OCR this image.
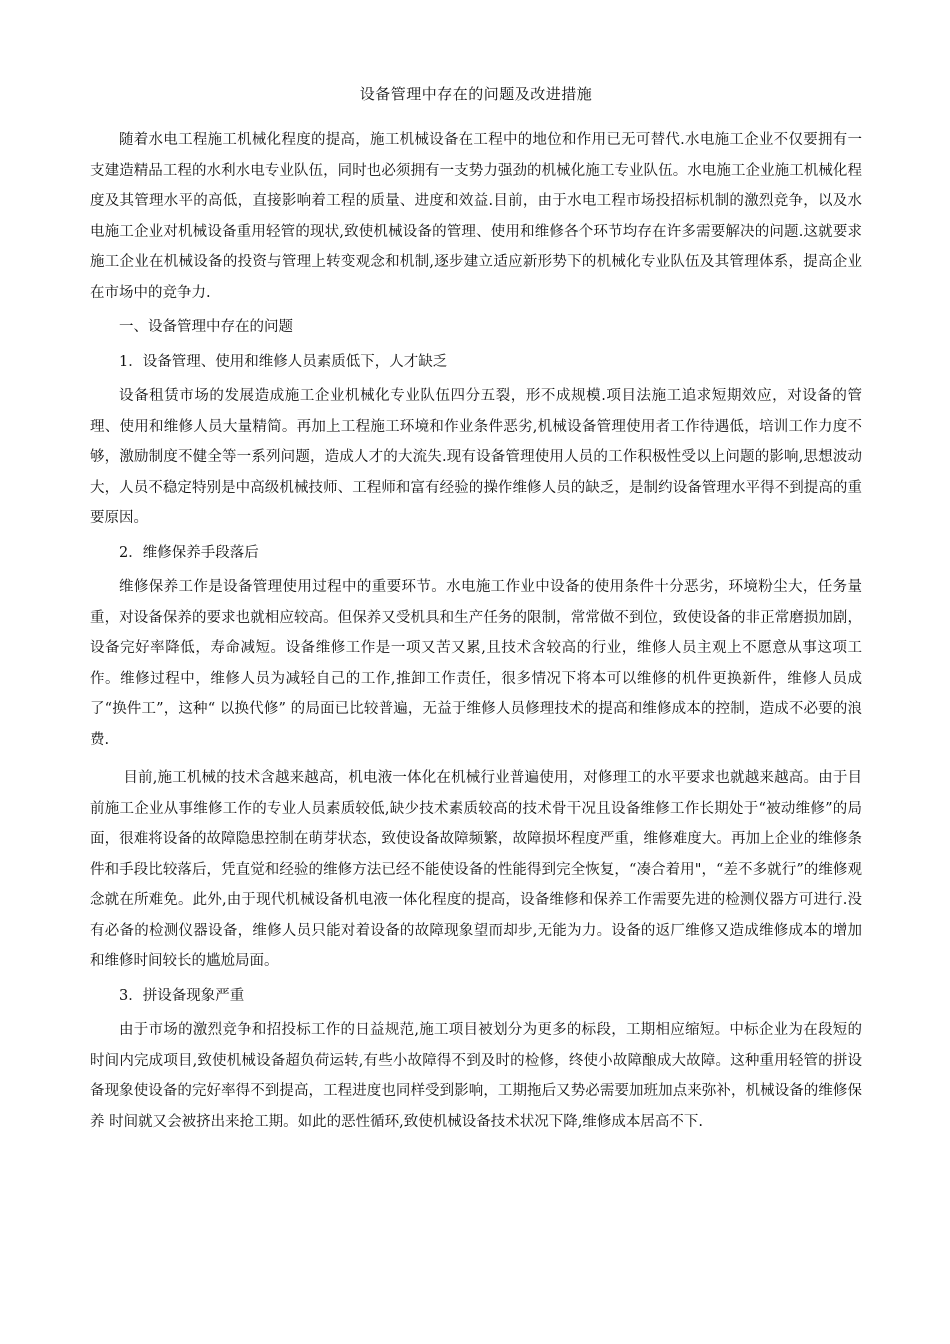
设备管理中存在的问题及改进措施

随着水电工程施工机械化程度的提高，施工机械设备在工程中的地位和作用已无可替代.水电施工企业不仅要拥有一支建造精品工程的水利水电专业队伍，同时也必须拥有一支势力强劲的机械化施工专业队伍。水电施工企业施工机械化程度及其管理水平的高低，直接影响着工程的质量、进度和效益.目前，由于水电工程市场投招标机制的激烈竞争，以及水电施工企业对机械设备重用轻管的现状,致使机械设备的管理、使用和维修各个环节均存在许多需要解决的问题.这就要求施工企业在机械设备的投资与管理上转变观念和机制,逐步建立适应新形势下的机械化专业队伍及其管理体系，提高企业在市场中的竞争力.

一、设备管理中存在的问题

1．设备管理、使用和维修人员素质低下，人才缺乏

设备租赁市场的发展造成施工企业机械化专业队伍四分五裂，形不成规模.项目法施工追求短期效应，对设备的管理、使用和维修人员大量精简。再加上工程施工环境和作业条件恶劣,机械设备管理使用者工作待遇低，培训工作力度不够，激励制度不健全等一系列问题，造成人才的大流失.现有设备管理使用人员的工作积极性受以上问题的影响,思想波动大，人员不稳定特别是中高级机械技师、工程师和富有经验的操作维修人员的缺乏，是制约设备管理水平得不到提高的重要原因。

2．维修保养手段落后

维修保养工作是设备管理使用过程中的重要环节。水电施工作业中设备的使用条件十分恶劣，环境粉尘大，任务量重，对设备保养的要求也就相应较高。但保养又受机具和生产任务的限制，常常做不到位，致使设备的非正常磨损加剧，设备完好率降低，寿命减短。设备维修工作是一项又苦又累,且技术含较高的行业，维修人员主观上不愿意从事这项工作。维修过程中，维修人员为减轻自己的工作,推卸工作责任，很多情况下将本可以维修的机件更换新件，维修人员成了“换件工”，这种“ 以换代修” 的局面已比较普遍，无益于维修人员修理技术的提高和维修成本的控制，造成不必要的浪费.

目前,施工机械的技术含越来越高，机电液一体化在机械行业普遍使用，对修理工的水平要求也就越来越高。由于目前施工企业从事维修工作的专业人员素质较低,缺少技术素质较高的技术骨干况且设备维修工作长期处于“被动维修”的局面，很难将设备的故障隐患控制在萌芽状态，致使设备故障频繁，故障损坏程度严重，维修难度大。再加上企业的维修条件和手段比较落后，凭直觉和经验的维修方法已经不能使设备的性能得到完全恢复，“凑合着用"，“差不多就行”的维修观念就在所难免。此外,由于现代机械设备机电液一体化程度的提高，设备维修和保养工作需要先进的检测仪器方可进行.没有必备的检测仪器设备，维修人员只能对着设备的故障现象望而却步,无能为力。设备的返厂维修又造成维修成本的增加和维修时间较长的尴尬局面。

3．拼设备现象严重

由于市场的激烈竞争和招投标工作的日益规范,施工项目被划分为更多的标段，工期相应缩短。中标企业为在段短的时间内完成项目,致使机械设备超负荷运转,有些小故障得不到及时的检修，终使小故障酿成大故障。这种重用轻管的拼设备现象使设备的完好率得不到提高，工程进度也同样受到影响，工期拖后又势必需要加班加点来弥补，机械设备的维修保养 时间就又会被挤出来抢工期。如此的恶性循环,致使机械设备技术状况下降,维修成本居高不下.
